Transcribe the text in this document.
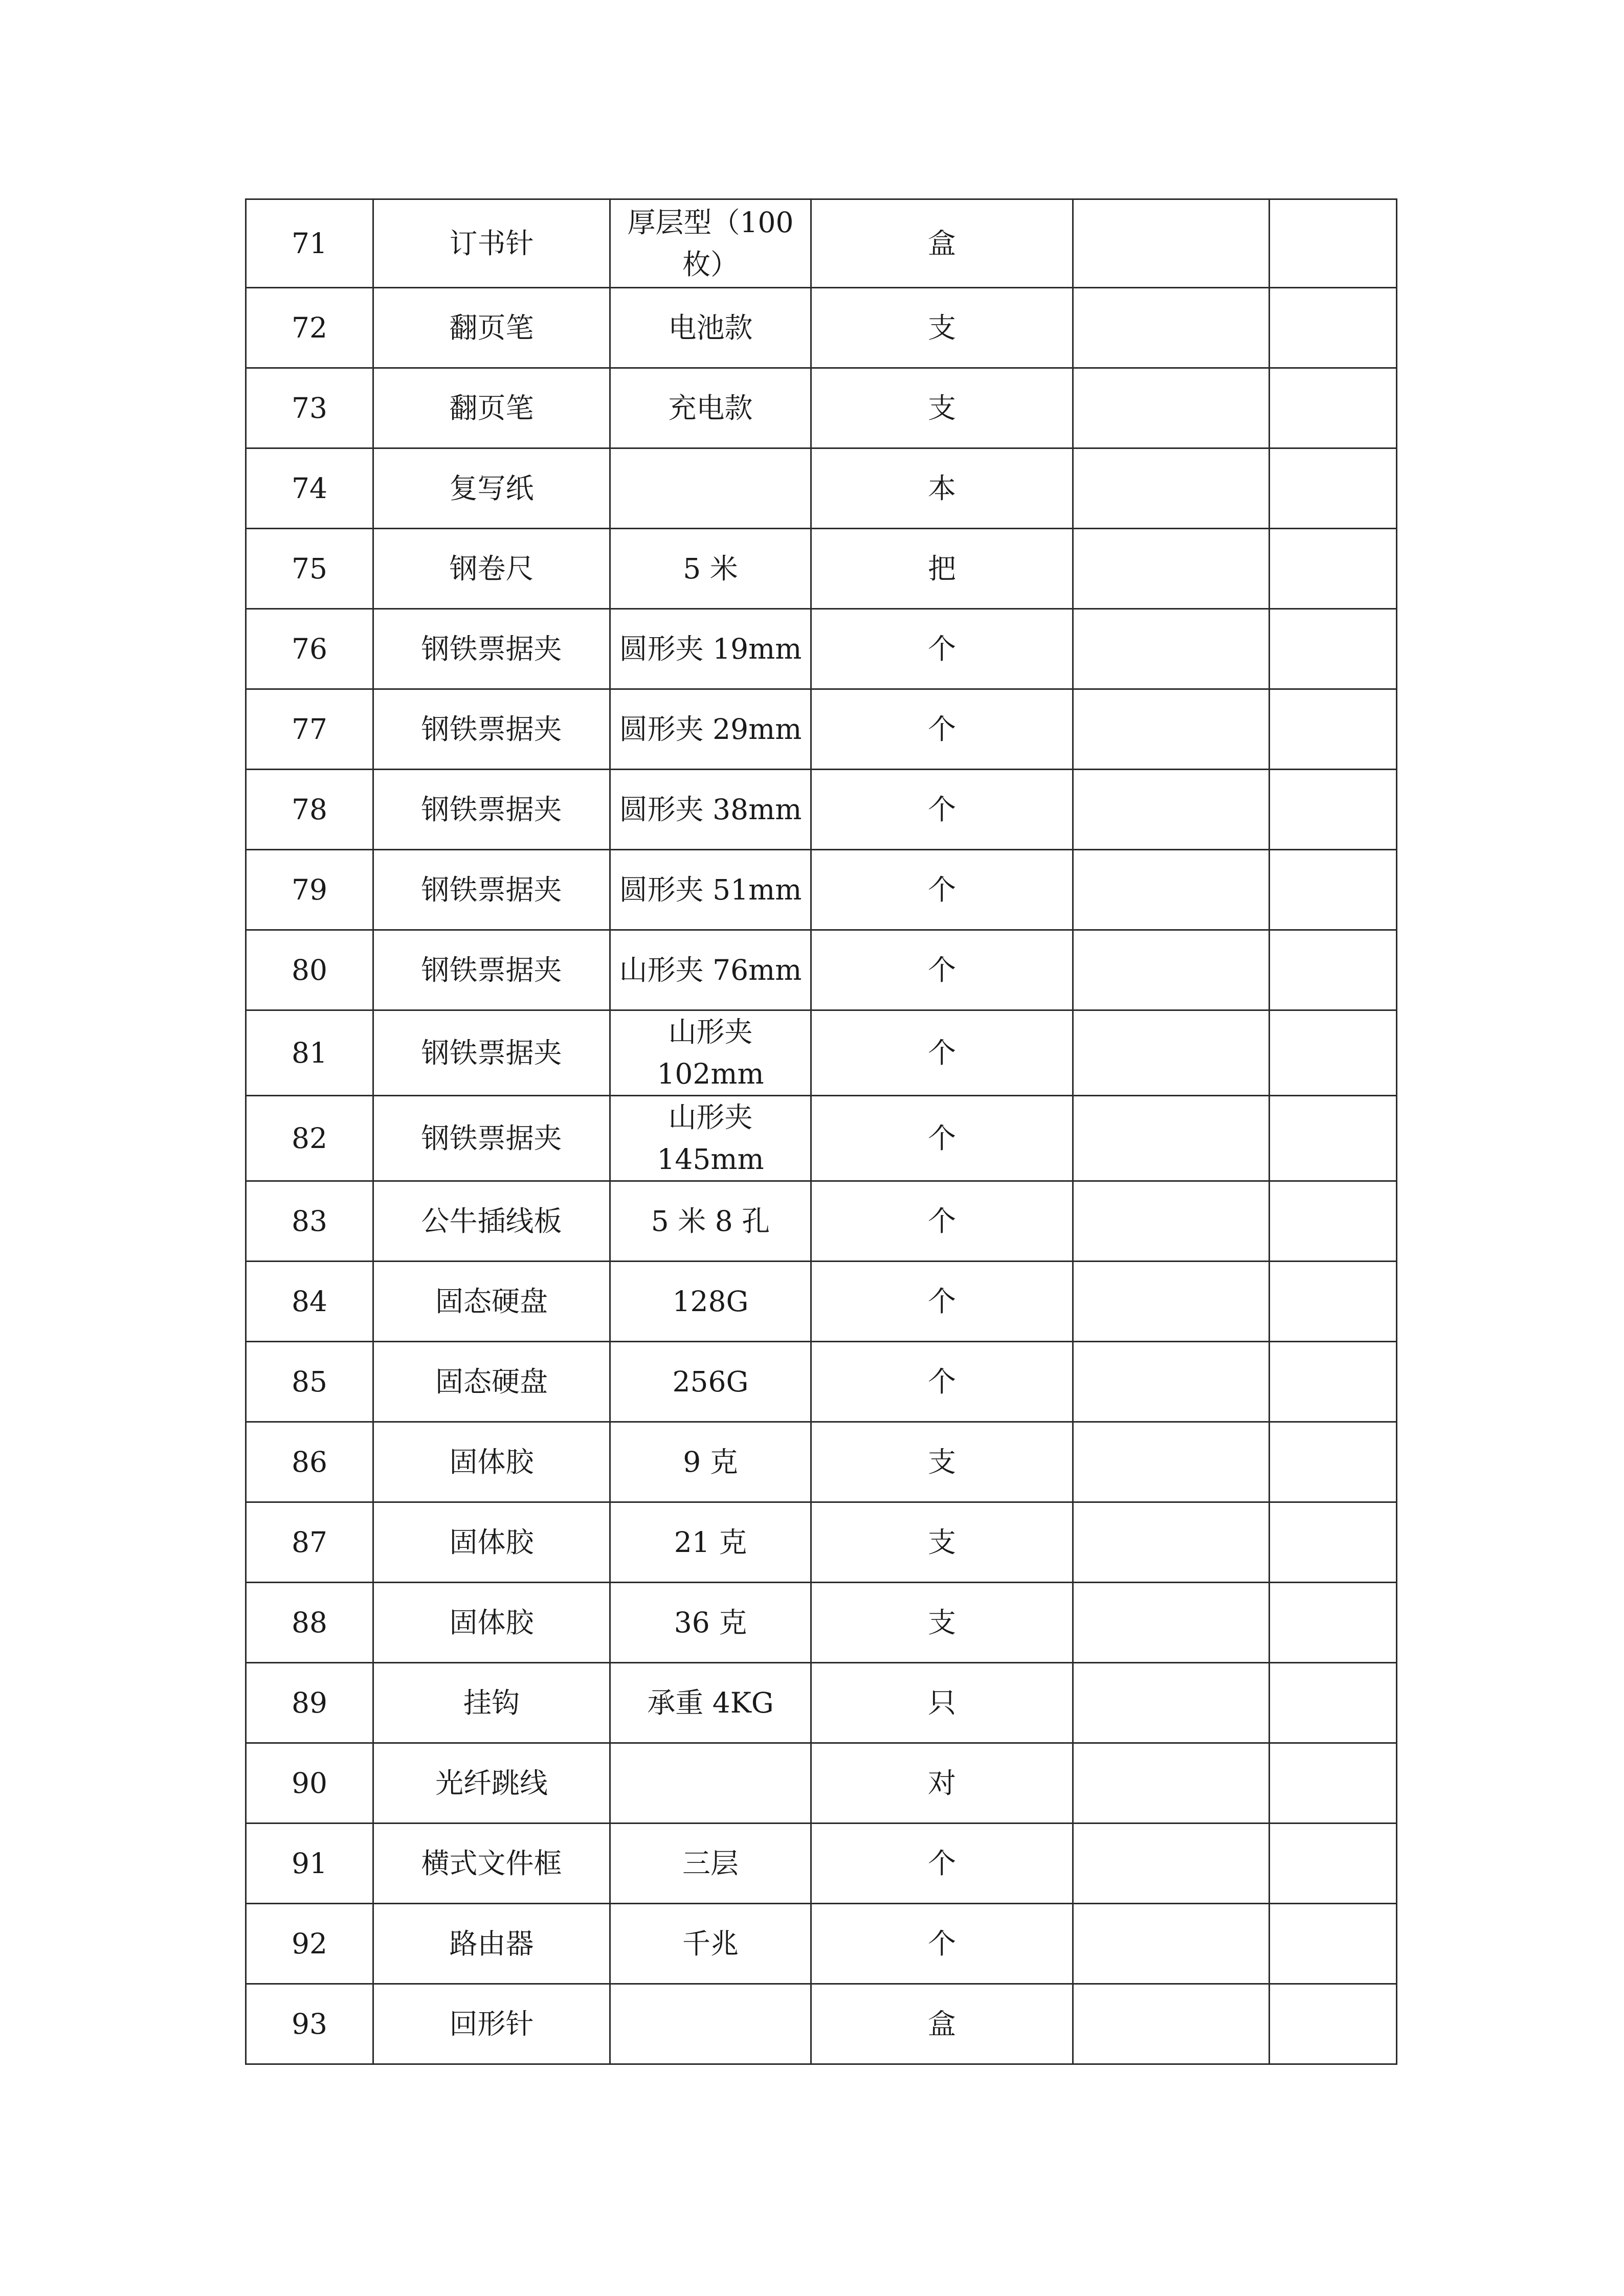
71	订书针	厚层型（100枚）	盒		
72	翻页笔	电池款	支		
73	翻页笔	充电款	支		
74	复写纸		本		
75	钢卷尺	5 米	把		
76	钢铁票据夹	圆形夹 19mm	个		
77	钢铁票据夹	圆形夹 29mm	个		
78	钢铁票据夹	圆形夹 38mm	个		
79	钢铁票据夹	圆形夹 51mm	个		
80	钢铁票据夹	山形夹 76mm	个		
81	钢铁票据夹	山形夹 102mm	个		
82	钢铁票据夹	山形夹 145mm	个		
83	公牛插线板	5 米 8 孔	个		
84	固态硬盘	128G	个		
85	固态硬盘	256G	个		
86	固体胶	9 克	支		
87	固体胶	21 克	支		
88	固体胶	36 克	支		
89	挂钩	承重 4KG	只		
90	光纤跳线		对		
91	横式文件框	三层	个		
92	路由器	千兆	个		
93	回形针		盒		
